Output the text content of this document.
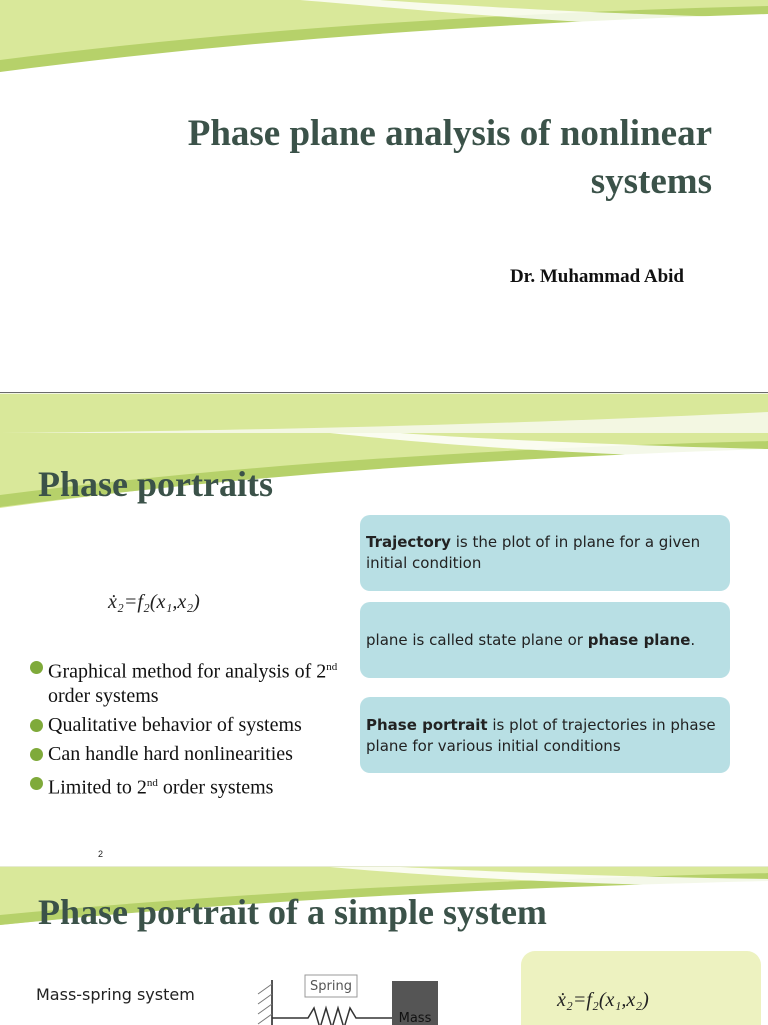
Phase plane analysis of nonlinear systems
Dr. Muhammad Abid
Phase portraits
ẋ₂=f₂(x₁,x₂)
Graphical method for analysis of 2nd order systems
Qualitative behavior of systems
Can handle hard nonlinearities
Limited to 2nd order systems
Trajectory is the plot of in plane for a given initial condition
plane is called state plane or phase plane.
Phase portrait is plot of trajectories in phase plane for various initial conditions
2
Phase portrait of a simple system
Mass-spring system	Spring
Mass
ẋ₂=f₂(x₁,x₂)
